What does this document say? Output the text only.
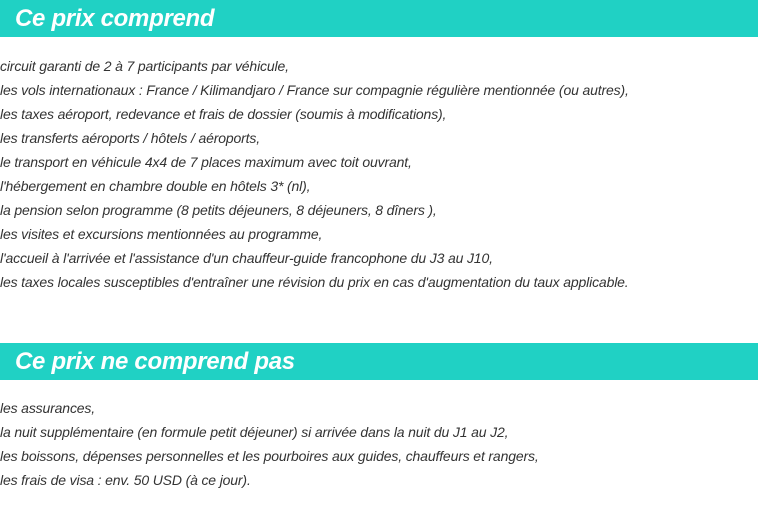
Ce prix comprend
circuit garanti de 2 à 7 participants par véhicule,
les vols internationaux : France / Kilimandjaro / France sur compagnie régulière mentionnée (ou autres),
les taxes aéroport, redevance et frais de dossier (soumis à modifications),
les transferts aéroports / hôtels / aéroports,
le transport en véhicule 4x4 de 7 places maximum avec toit ouvrant,
l'hébergement en chambre double en hôtels 3* (nl),
la pension selon programme (8 petits déjeuners, 8 déjeuners, 8 dîners ),
les visites et excursions mentionnées au programme,
l'accueil à l'arrivée et l'assistance d'un chauffeur-guide francophone du J3 au J10,
les taxes locales susceptibles d'entraîner une révision du prix en cas d'augmentation du taux applicable.
Ce prix ne comprend pas
les assurances,
la nuit supplémentaire (en formule petit déjeuner) si arrivée dans la nuit du J1 au J2,
les boissons, dépenses personnelles et les pourboires aux guides, chauffeurs et rangers,
les frais de visa : env. 50 USD (à ce jour).
